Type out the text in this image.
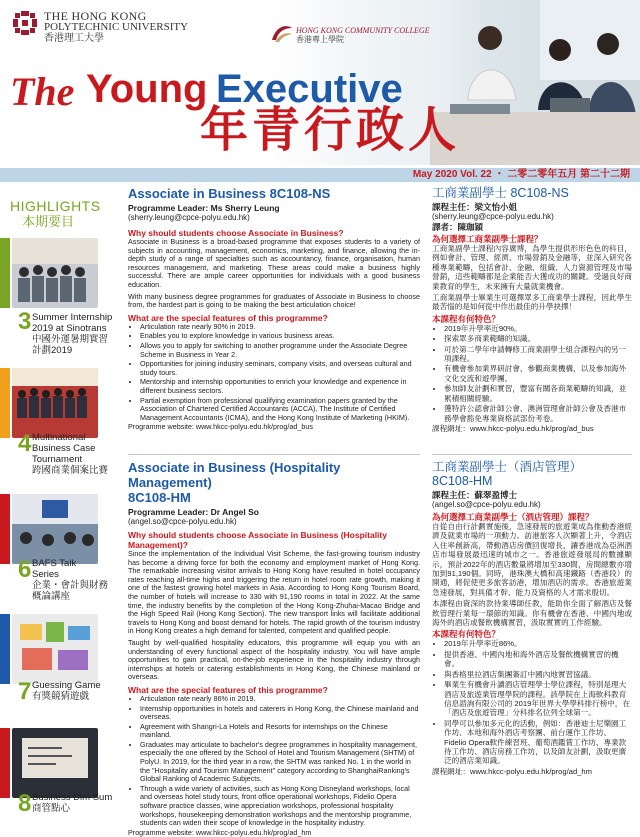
THE HONG KONG
POLYTECHNIC UNIVERSITY
香港理工大學
HONG KONG COMMUNITY COLLEGE
香港專上學院
The Young Executive
年青行政人
May 2020 Vol. 22 ・ 二零二零年五月 第二十二期
HIGHLIGHTS
本期要目
3 Summer Internship
2019 at Sinotrans
中國外運暑期實習
計劃2019
4 Multinational
Business Case
Tournament
跨國商業個案比賽
6 BAFS Talk
Series
企業・會計與財務
概論講座
7 Guessing Game
有獎競猜遊戲
8 Business Dim Sum
商管點心
Associate in Business 8C108-NS
Programme Leader: Ms Sherry Leung
(sherry.leung@cpce-polyu.edu.hk)
Why should students choose Associate in Business?
Associate in Business is a broad-based programme that exposes students to a variety of subjects in accounting, management, economics, marketing, and finance, allowing the in-depth study of a range of specialties such as accountancy, finance, organisation, human resources management, and marketing. These areas could make a business highly successful. There are ample career opportunities for individuals with a good business education.
With many business degree programmes for graduates of Associate in Business to choose from, the hardest part is going to be making the best articulation choice!
What are the special features of this programme?
• Articulation rate nearly 90% in 2019.
• Enables you to explore knowledge in various business areas.
• Allows you to apply for switching to another programme under the Associate Degree Scheme in Business in Year 2.
• Opportunities for joining industry seminars, company visits, and overseas cultural and study tours.
• Mentorship and internship opportunities to enrich your knowledge and experience in different business sectors.
• Partial exemption from professional qualifying examination papers granted by the Association of Chartered Certified Accountants (ACCA), The Institute of Certified Management Accountants (ICMA), and the Hong Kong Institute of Marketing (HKIM).
Programme website: www.hkcc-polyu.edu.hk/prog/ad_bus
Associate in Business (Hospitality Management)
8C108-HM
Programme Leader: Dr Angel So
(angel.so@cpce-polyu.edu.hk)
Why should students choose Associate in Business (Hospitality Management)?
Since the implementation of the Individual Visit Scheme, the fast-growing tourism industry has become a driving force for both the economy and employment market of Hong Kong. The remarkable increasing visitor arrivals to Hong Kong have resulted in hotel occupancy rates reaching all-time highs and triggering the return in hotel room rate growth, making it one of the fastest growing hotel markets in Asia. According to Hong Kong Tourism Board, the number of hotels will increase to 330 with 91,190 rooms in total in 2022. At the same time, the industry benefits by the completion of the Hong Kong-Zhuhai-Macao Bridge and the High Speed Rail (Hong Kong Section). The new transport links will facilitate additional travels to Hong Kong and boost demand for hotels. The rapid growth of the tourism industry in Hong Kong creates a high demand for talented, competent and qualified people.
Taught by well-qualified hospitality educators, this programme will equip you with an understanding of every functional aspect of the hospitality industry. You will have ample opportunities to gain practical, on-the-job experience in the hospitality industry through internships at hotels or catering establishments in Hong Kong, the Chinese mainland or overseas.
What are the special features of this programme?
• Articulation rate nearly 86% in 2019.
• Internship opportunities in hotels and caterers in Hong Kong, the Chinese mainland and overseas.
• Agreement with Shangri-La Hotels and Resorts for internships on the Chinese mainland.
• Graduates may articulate to bachelor's degree programmes in hospitality management, especially the one offered by the School of Hotel and Tourism Management (SHTM) of PolyU. In 2019, for the third year in a row, the SHTM was ranked No. 1 in the world in the "Hospitality and Tourism Management" category according to ShanghaiRanking's Global Ranking of Academic Subjects.
• Through a wide variety of activities, such as Hong Kong Disneyland workshops, local and overseas hotel study tours, front office operational workshops, Fidelio Opera software practice classes, wine appreciation workshops, professional hospitality workshops, housekeeping demonstration workshops and the mentorship programme, students can widen their scope of knowledge in the hospitality industry.
Programme website: www.hkcc-polyu.edu.hk/prog/ad_hm
工商業副學士 8C108-NS
課程主任：梁文怡小姐
(sherry.leung@cpce-polyu.edu.hk)
譯者：陳珈穎
為何選擇工商業副學士課程？
工商業副學士課程內容廣博，為學生提供形形色色的科目，例如會計、管理、經濟、市場營銷及金融等，並深入研究各種專業範疇，包括會計、金融、組織、人力資源管理及市場營銷，這些範疇都是企業能否大獲成功的關鍵。受過良好商業教育的學生，未來擁有大量就業機會。
工商業副學士畢業生可選擇眾多工商業學士課程，因此學生最苦惱的是如何從中作出最佳的升學抉擇！
本課程有何特色？
• 2019年升學率近90%。
• 探索眾多商業範疇的知識。
• 可於第二學年申請轉修工商業副學士組合課程內的另一項課程。
• 有機會參加業界研討會、參觀商業機構，以及參加海外文化交流和遊學團。
• 參加師友計劃和實習，豐富有關各商業範疇的知識，並累積相關經驗。
• 獲特許公認會計師公會、澳洲管理會計師公會及香港市務學會豁免專業資格試部份考卷。
課程網址：www.hkcc-polyu.edu.hk/prog/ad_bus
工商業副學士（酒店管理）
8C108-HM
課程主任：蘇翠盈博士
(angel.so@cpce-polyu.edu.hk)
為何選擇工商業副學士（酒店管理）課程？
自從自由行計劃實施後，急速發展的旅遊業成為推動香港經濟及就業市場的一項動力。訪港旅客人次顯著上升，令酒店入住率創新高，帶動酒店房價回復增長，讓香港成為亞洲酒店市場發展最迅速的城市之一。香港旅遊發展局的數據顯示，預計2022年的酒店數量將增加至330間，房間總數亦增加到91,190個。同時，港珠澳大橋和高速鐵路（香港段）的開通，將促使更多旅客訪港，增加酒店的需求。香港旅遊業急速發展，對具備才幹、能力及資格的人才需求殷切。
本課程由資深的款待業導師任教，能助你全面了解酒店及餐飲管理行業每一環節的知識。你有機會在香港、中國內地或海外的酒店或餐飲機構實習，汲取實實的工作經驗。
本課程有何特色？
• 2019年升學率近86%。
• 提供香港、中國內地和海外酒店及餐飲機構實習的機會。
• 與香格里拉酒店集團簽訂中國內地實習協議。
• 畢業生有機會升讀酒店管理學士學位課程，特別是理大酒店及旅遊業管理學院的課程。該學院在上海軟科教育信息諮詢有限公司的 2019年世界大學學科排行榜中，在「酒店及旅遊管理」分科排名位列全球第一。
• 同學可以參加多元化的活動，例如：香港迪士尼樂園工作坊、本地和海外酒店考察團、前台運作工作坊、Fidelio Opera軟件練習班、葡萄酒鑑賞工作坊、專業款待工作坊、酒店房務工作坊，以及師友計劃，汲取更廣泛的酒店業知識。
課程網址：www.hkcc-polyu.edu.hk/prog/ad_hm
